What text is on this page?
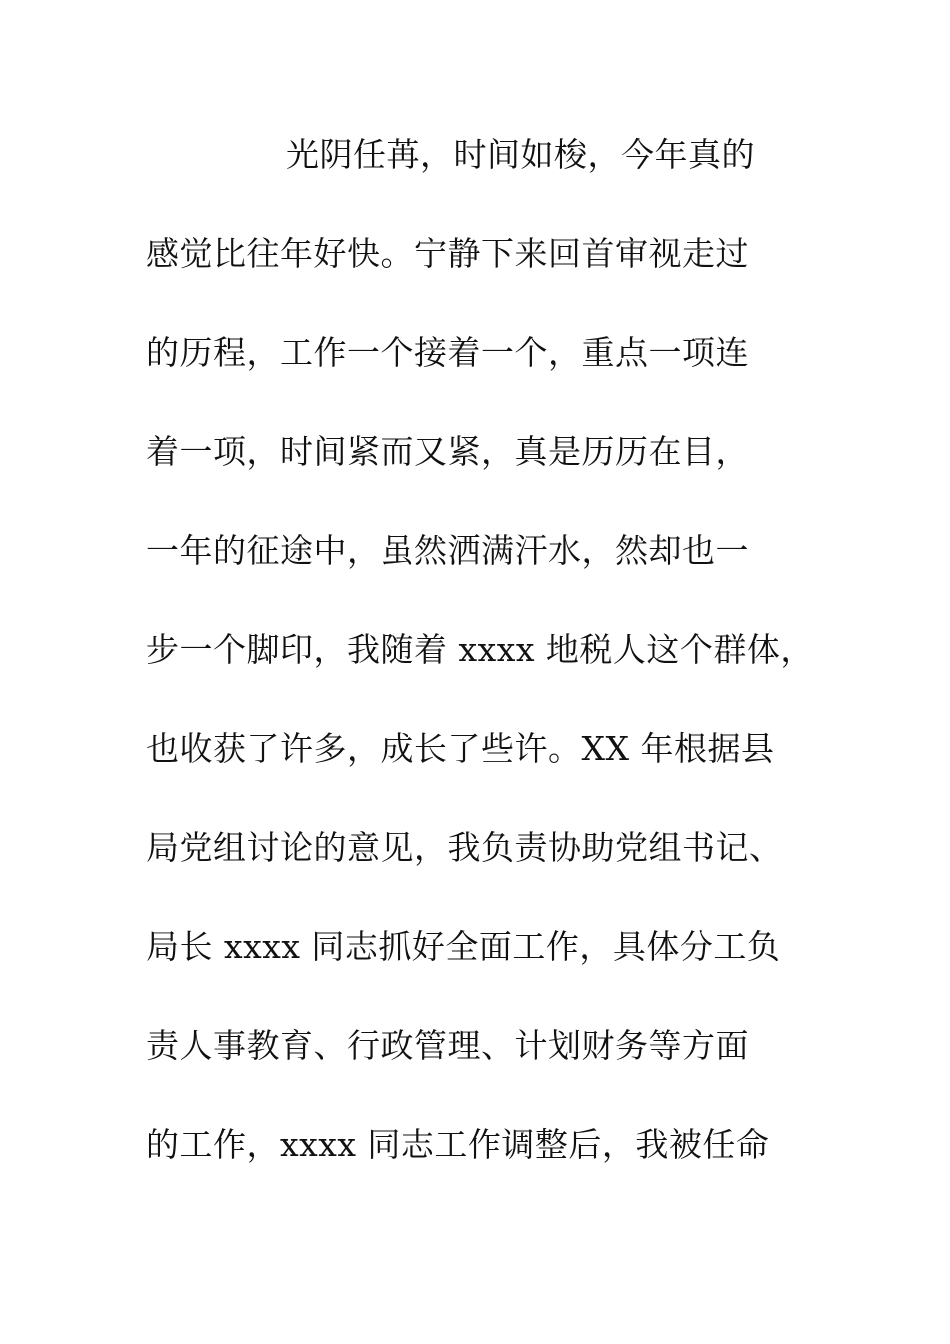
光阴任苒，时间如梭，今年真的
感觉比往年好快。宁静下来回首审视走过
的历程，工作一个接着一个，重点一项连
着一项，时间紧而又紧，真是历历在目，
一年的征途中，虽然洒满汗水，然却也一
步一个脚印，我随着 xxxx 地税人这个群体，
也收获了许多，成长了些许。XX 年根据县
局党组讨论的意见，我负责协助党组书记、
局长 xxxx 同志抓好全面工作，具体分工负
责人事教育、行政管理、计划财务等方面
的工作，xxxx 同志工作调整后，我被任命
